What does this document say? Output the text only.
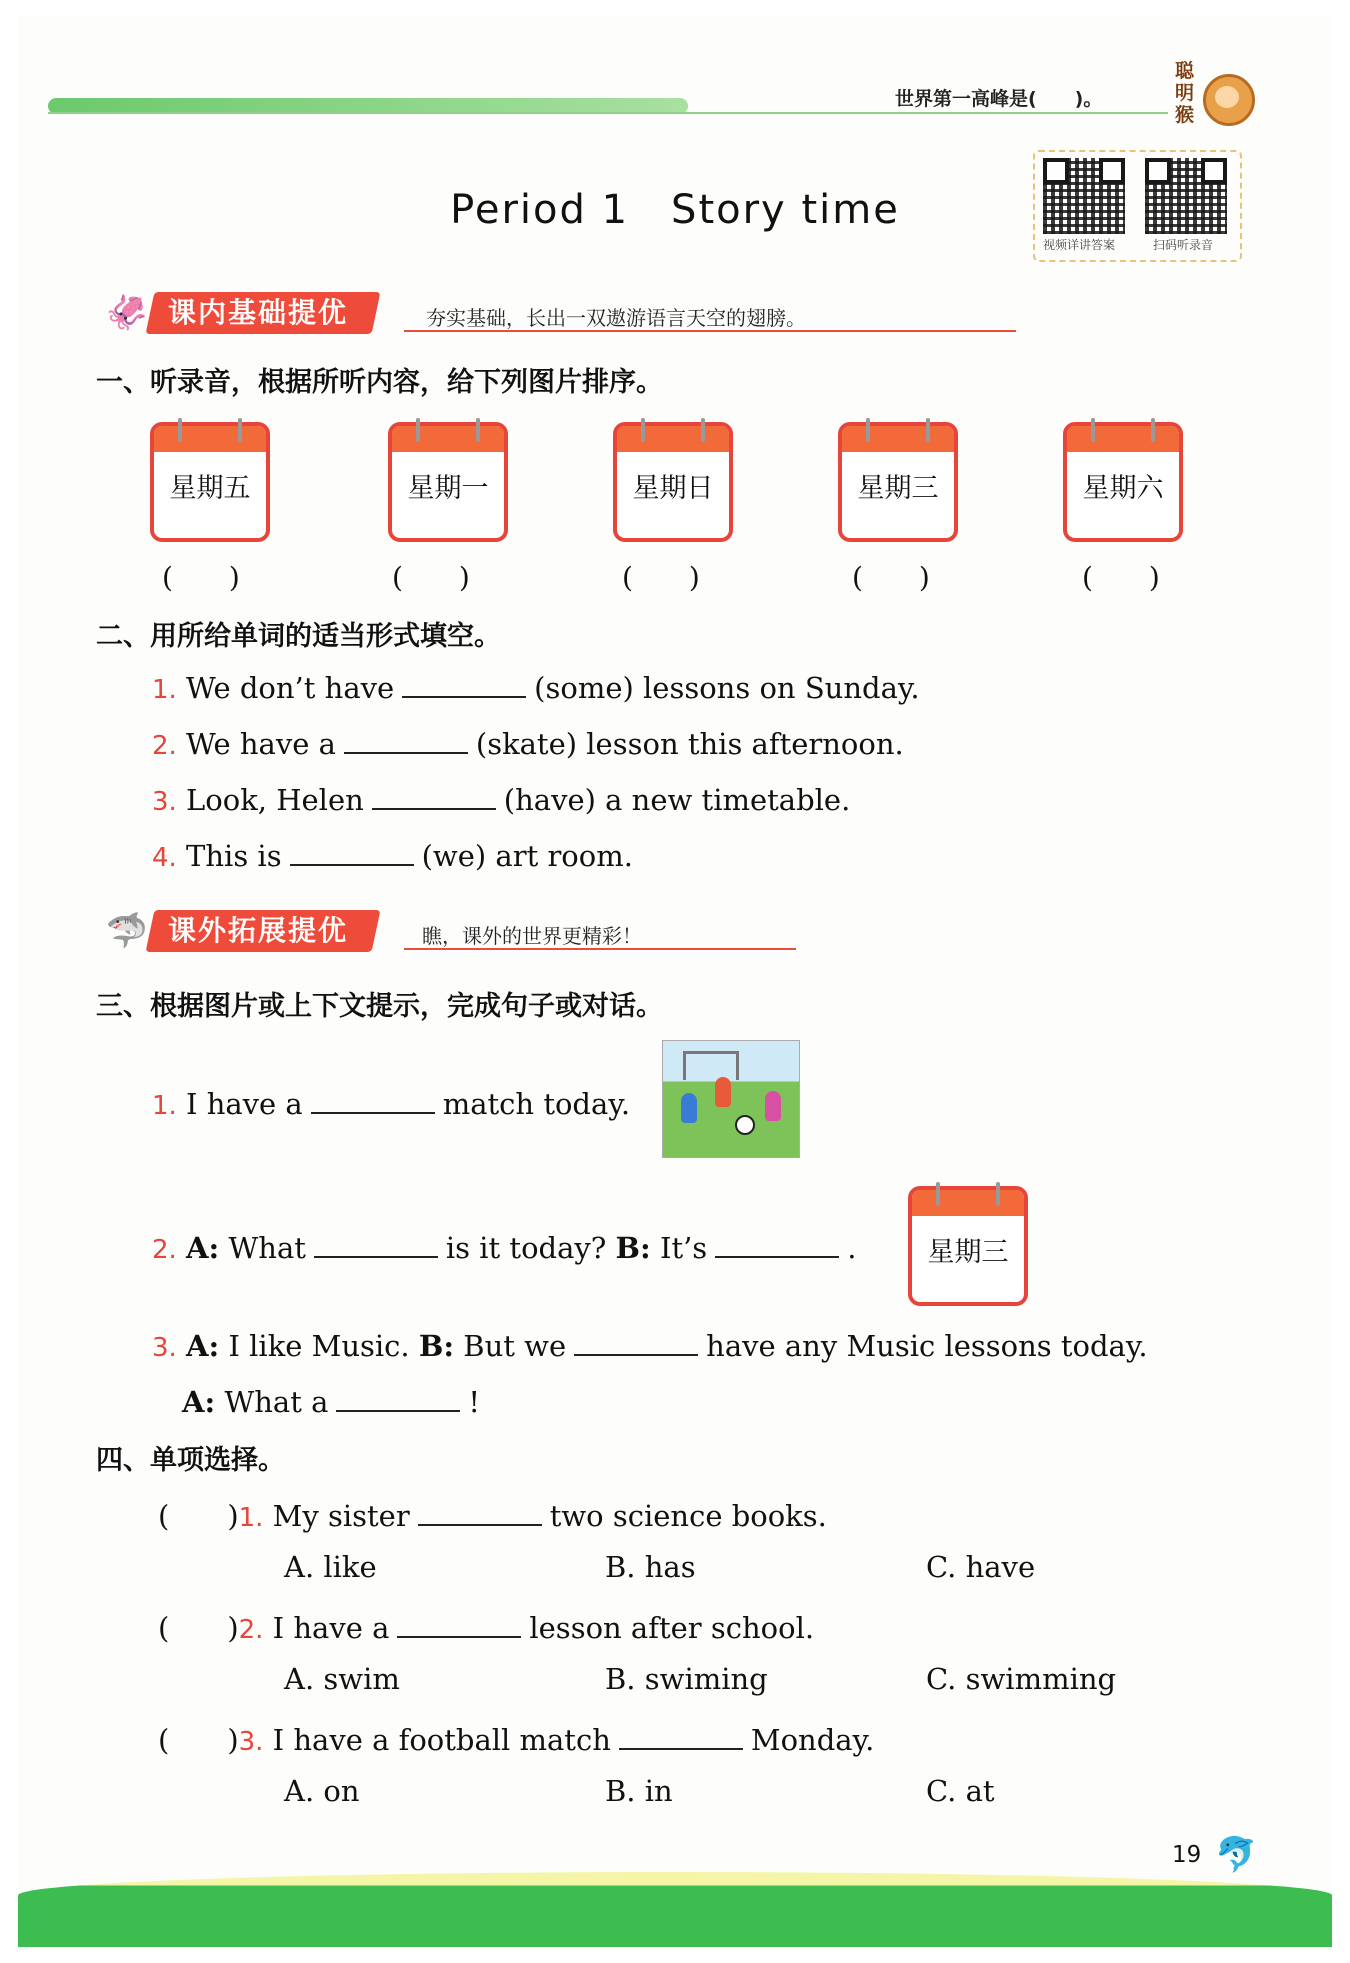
世界第一高峰是(　　)。
聪明猴
Period 1　Story time
视频详讲答案	扫码听录音
🦑 课内基础提优	夯实基础，长出一双遨游语言天空的翅膀。
一、听录音，根据所听内容，给下列图片排序。
星期五	星期一	星期日	星期三	星期六
(　　)	(　　)	(　　)	(　　)	(　　)
二、用所给单词的适当形式填空。
1. We don’t have	(some) lessons on Sunday.
2. We have a	(skate) lesson this afternoon.
3. Look, Helen	(have) a new timetable.
4. This is	(we) art room.
🦈 课外拓展提优	瞧，课外的世界更精彩！
三、根据图片或上下文提示，完成句子或对话。
1. I have a	match today.
2. A: What	is it today? B: It’s	.	星期三
3. A: I like Music. B: But we	have any Music lessons today.
A: What a	!
四、单项选择。
(　　)1. My sister	two science books.
A. like	B. has	C. have
(　　)2. I have a	lesson after school.
A. swim	B. swiming	C. swimming
(　　)3. I have a football match	Monday.
A. on	B. in	C. at
19 🐬
